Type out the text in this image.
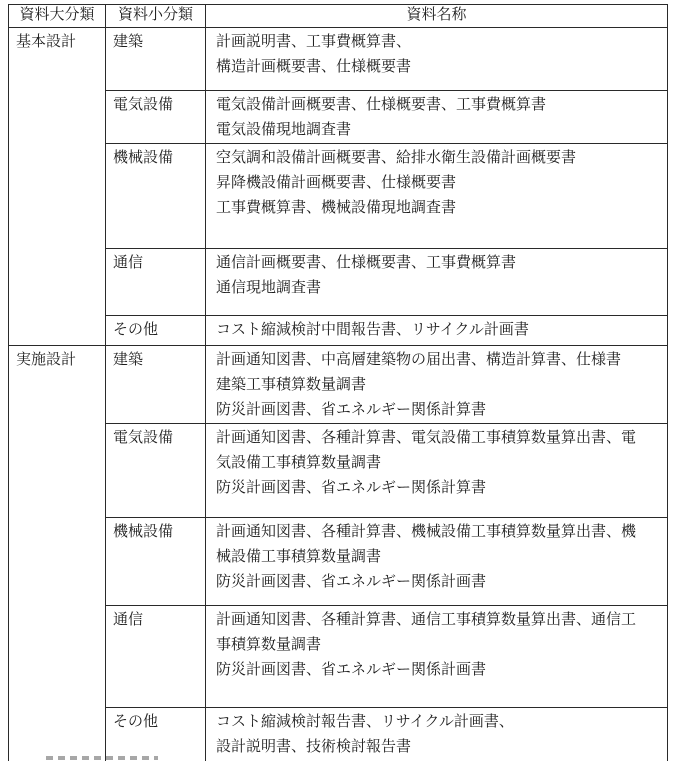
資料大分類	資料小分類	資料名称
基本設計	建築	計画説明書、工事費概算書、
構造計画概要書、仕様概要書

	電気設備	電気設備計画概要書、仕様概要書、工事費概算書
電気設備現地調査書

	機械設備	空気調和設備計画概要書、給排水衛生設備計画概要書
昇降機設備計画概要書、仕様概要書
工事費概算書、機械設備現地調査書

	通信	通信計画概要書、仕様概要書、工事費概算書
通信現地調査書

	その他	コスト縮減検討中間報告書、リサイクル計画書

実施設計	建築	計画通知図書、中高層建築物の届出書、構造計算書、仕様書
建築工事積算数量調書
防災計画図書、省エネルギー関係計算書

	電気設備	計画通知図書、各種計算書、電気設備工事積算数量算出書、電
気設備工事積算数量調書
防災計画図書、省エネルギー関係計算書

	機械設備	計画通知図書、各種計算書、機械設備工事積算数量算出書、機
械設備工事積算数量調書
防災計画図書、省エネルギー関係計画書

	通信	計画通知図書、各種計算書、通信工事積算数量算出書、通信工
事積算数量調書
防災計画図書、省エネルギー関係計画書

	その他	コスト縮減検討報告書、リサイクル計画書、
設計説明書、技術検討報告書
